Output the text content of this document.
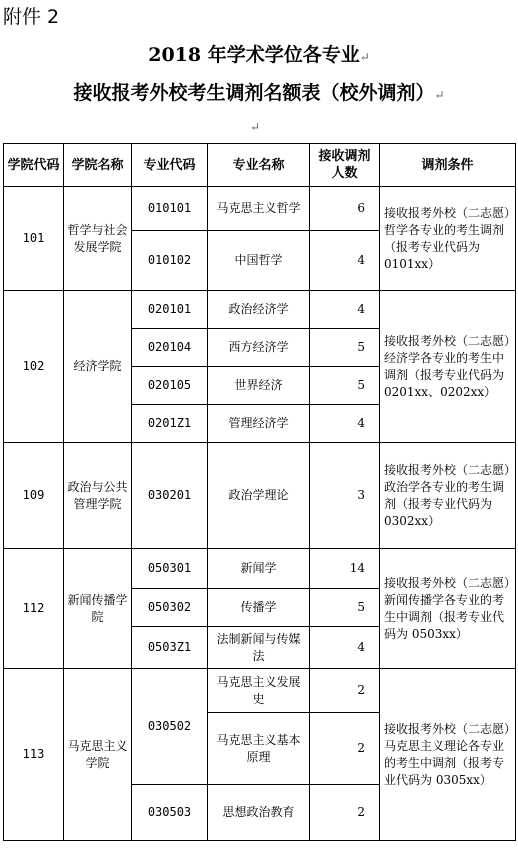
附件 2
2018 年学术学位各专业↵
接收报考外校考生调剂名额表（校外调剂）↵
↵
学院代码	学院名称	专业代码	专业名称	接收调剂人数	调剂条件
101	哲学与社会发展学院	010101	马克思主义哲学	6	接收报考外校（二志愿）哲学各专业的考生调剂（报考专业代码为 0101xx）
		010102	中国哲学	4	
102	经济学院	020101	政治经济学	4	接收报考外校（二志愿）经济学各专业的考生中调剂（报考专业代码为 0201xx、0202xx）
		020104	西方经济学	5	
		020105	世界经济	5	
		0201Z1	管理经济学	4	
109	政治与公共管理学院	030201	政治学理论	3	接收报考外校（二志愿）政治学各专业的考生调剂（报考专业代码为 0302xx）
112	新闻传播学院	050301	新闻学	14	接收报考外校（二志愿）新闻传播学各专业的考生中调剂（报考专业代码为 0503xx）
		050302	传播学	5	
		0503Z1	法制新闻与传媒法	4	
113	马克思主义学院	030502	马克思主义发展史	2	接收报考外校（二志愿）马克思主义理论各专业的考生中调剂（报考专业代码为 0305xx）
			马克思主义基本原理	2	
		030503	思想政治教育	2	
